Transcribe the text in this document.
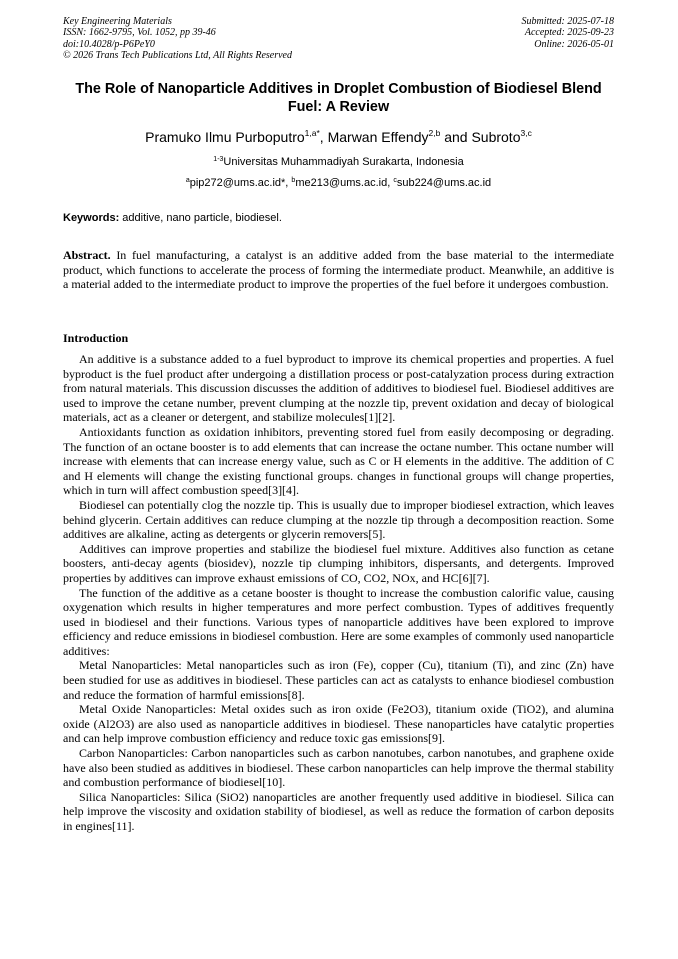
Key Engineering Materials
ISSN: 1662-9795, Vol. 1052, pp 39-46
doi:10.4028/p-P6PeY0
© 2026 Trans Tech Publications Ltd, All Rights Reserved
Submitted: 2025-07-18
Accepted: 2025-09-23
Online: 2026-05-01
The Role of Nanoparticle Additives in Droplet Combustion of Biodiesel Blend Fuel: A Review
Pramuko Ilmu Purboputro$^{1,a*}$, Marwan Effendy$^{2,b}$ and Subroto$^{3,c}$
$^{1-3}$Universitas Muhammadiyah Surakarta, Indonesia
$^a$pip272@ums.ac.id*, $^b$me213@ums.ac.id, $^c$sub224@ums.ac.id
Keywords: additive, nano particle, biodiesel.
Abstract. In fuel manufacturing, a catalyst is an additive added from the base material to the intermediate product, which functions to accelerate the process of forming the intermediate product. Meanwhile, an additive is a material added to the intermediate product to improve the properties of the fuel before it undergoes combustion.
Introduction

An additive is a substance added to a fuel byproduct to improve its chemical properties and properties. A fuel byproduct is the fuel product after undergoing a distillation process or post-catalyzation process during extraction from natural materials. This discussion discusses the addition of additives to biodiesel fuel. Biodiesel additives are used to improve the cetane number, prevent clumping at the nozzle tip, prevent oxidation and decay of biological materials, act as a cleaner or detergent, and stabilize molecules[1][2].

Antioxidants function as oxidation inhibitors, preventing stored fuel from easily decomposing or degrading. The function of an octane booster is to add elements that can increase the octane number. This octane number will increase with elements that can increase energy value, such as C or H elements in the additive. The addition of C and H elements will change the existing functional groups. changes in functional groups will change properties, which in turn will affect combustion speed[3][4].

Biodiesel can potentially clog the nozzle tip. This is usually due to improper biodiesel extraction, which leaves behind glycerin. Certain additives can reduce clumping at the nozzle tip through a decomposition reaction. Some additives are alkaline, acting as detergents or glycerin removers[5].

Additives can improve properties and stabilize the biodiesel fuel mixture. Additives also function as cetane boosters, anti-decay agents (biosidev), nozzle tip clumping inhibitors, dispersants, and detergents. Improved properties by additives can improve exhaust emissions of CO, CO2, NOx, and HC[6][7].

The function of the additive as a cetane booster is thought to increase the combustion calorific value, causing oxygenation which results in higher temperatures and more perfect combustion. Types of additives frequently used in biodiesel and their functions. Various types of nanoparticle additives have been explored to improve efficiency and reduce emissions in biodiesel combustion. Here are some examples of commonly used nanoparticle additives:

Metal Nanoparticles: Metal nanoparticles such as iron (Fe), copper (Cu), titanium (Ti), and zinc (Zn) have been studied for use as additives in biodiesel. These particles can act as catalysts to enhance biodiesel combustion and reduce the formation of harmful emissions[8].

Metal Oxide Nanoparticles: Metal oxides such as iron oxide (Fe2O3), titanium oxide (TiO2), and alumina oxide (Al2O3) are also used as nanoparticle additives in biodiesel. These nanoparticles have catalytic properties and can help improve combustion efficiency and reduce toxic gas emissions[9].

Carbon Nanoparticles: Carbon nanoparticles such as carbon nanotubes, carbon nanotubes, and graphene oxide have also been studied as additives in biodiesel. These carbon nanoparticles can help improve the thermal stability and combustion performance of biodiesel[10].

Silica Nanoparticles: Silica (SiO2) nanoparticles are another frequently used additive in biodiesel. Silica can help improve the viscosity and oxidation stability of biodiesel, as well as reduce the formation of carbon deposits in engines[11].
